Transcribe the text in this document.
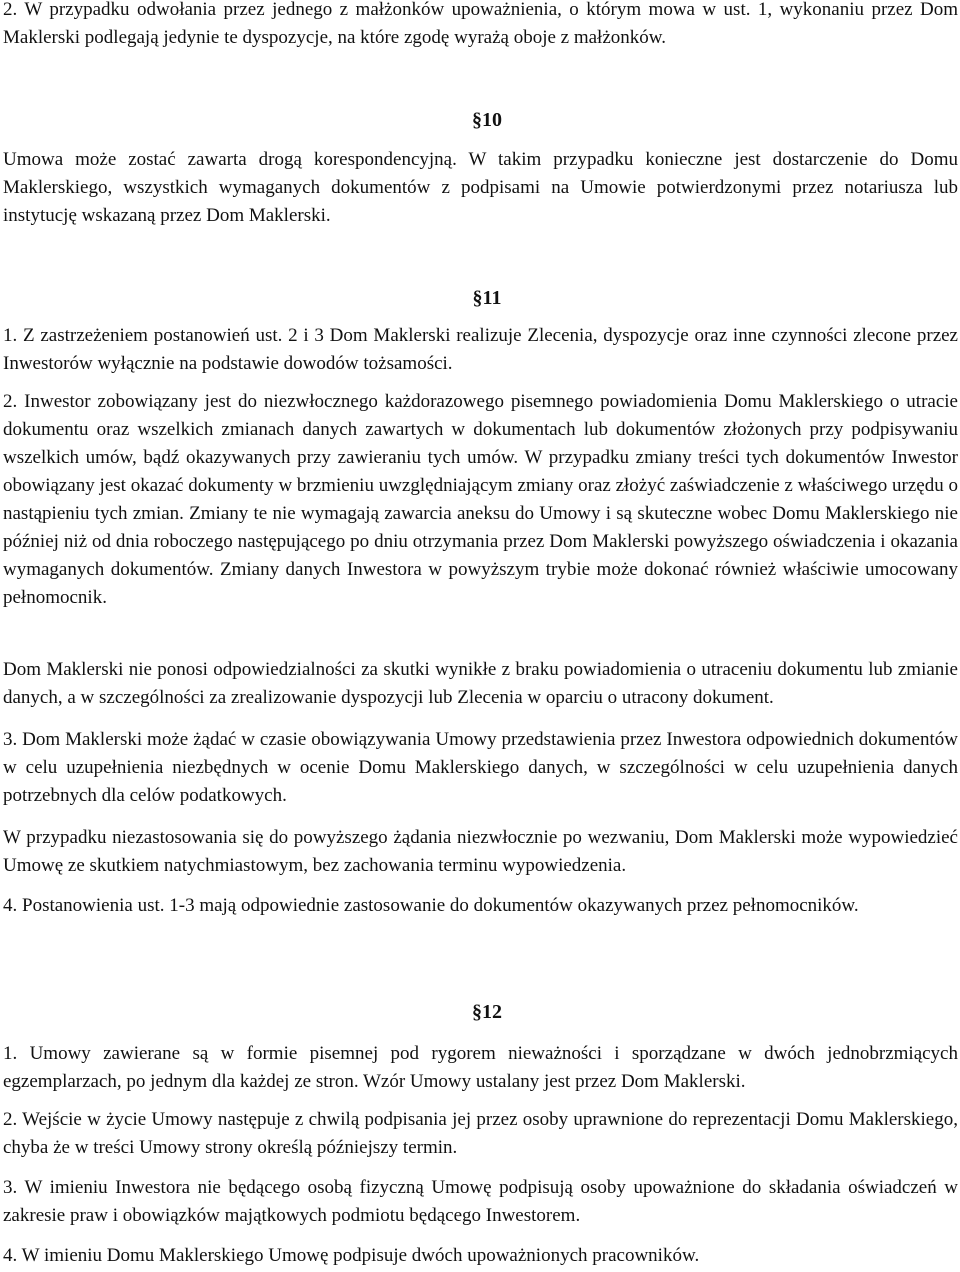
2. W przypadku odwołania przez jednego z małżonków upoważnienia, o którym mowa w ust. 1, wykonaniu przez Dom Maklerski podlegają jedynie te dyspozycje, na które zgodę wyrażą oboje z małżonków.

§10

Umowa może zostać zawarta drogą korespondencyjną. W takim przypadku konieczne jest dostarczenie do Domu Maklerskiego, wszystkich wymaganych dokumentów z podpisami na Umowie potwierdzonymi przez notariusza lub instytucję wskazaną przez Dom Maklerski.

§11

1. Z zastrzeżeniem postanowień ust. 2 i 3 Dom Maklerski realizuje Zlecenia, dyspozycje oraz inne czynności zlecone przez Inwestorów wyłącznie na podstawie dowodów tożsamości.

2. Inwestor zobowiązany jest do niezwłocznego każdorazowego pisemnego powiadomienia Domu Maklerskiego o utracie dokumentu oraz wszelkich zmianach danych zawartych w dokumentach lub dokumentów złożonych przy podpisywaniu wszelkich umów, bądź okazywanych przy zawieraniu tych umów. W przypadku zmiany treści tych dokumentów Inwestor obowiązany jest okazać dokumenty w brzmieniu uwzględniającym zmiany oraz złożyć zaświadczenie z właściwego urzędu o nastąpieniu tych zmian. Zmiany te nie wymagają zawarcia aneksu do Umowy i są skuteczne wobec Domu Maklerskiego nie później niż od dnia roboczego następującego po dniu otrzymania przez Dom Maklerski powyższego oświadczenia i okazania wymaganych dokumentów. Zmiany danych Inwestora w powyższym trybie może dokonać również właściwie umocowany pełnomocnik.

Dom Maklerski nie ponosi odpowiedzialności za skutki wynikłe z braku powiadomienia o utraceniu dokumentu lub zmianie danych, a w szczególności za zrealizowanie dyspozycji lub Zlecenia w oparciu o utracony dokument.

3. Dom Maklerski może żądać w czasie obowiązywania Umowy przedstawienia przez Inwestora odpowiednich dokumentów w celu uzupełnienia niezbędnych w ocenie Domu Maklerskiego danych, w szczególności w celu uzupełnienia danych potrzebnych dla celów podatkowych.

W przypadku niezastosowania się do powyższego żądania niezwłocznie po wezwaniu, Dom Maklerski może wypowiedzieć Umowę ze skutkiem natychmiastowym, bez zachowania terminu wypowiedzenia.

4. Postanowienia ust. 1-3 mają odpowiednie zastosowanie do dokumentów okazywanych przez pełnomocników.

§12

1. Umowy zawierane są w formie pisemnej pod rygorem nieważności i sporządzane w dwóch jednobrzmiących egzemplarzach, po jednym dla każdej ze stron. Wzór Umowy ustalany jest przez Dom Maklerski.

2. Wejście w życie Umowy następuje z chwilą podpisania jej przez osoby uprawnione do reprezentacji Domu Maklerskiego, chyba że w treści Umowy strony określą późniejszy termin.

3. W imieniu Inwestora nie będącego osobą fizyczną Umowę podpisują osoby upoważnione do składania oświadczeń w zakresie praw i obowiązków majątkowych podmiotu będącego Inwestorem.

4. W imieniu Domu Maklerskiego Umowę podpisuje dwóch upoważnionych pracowników.
